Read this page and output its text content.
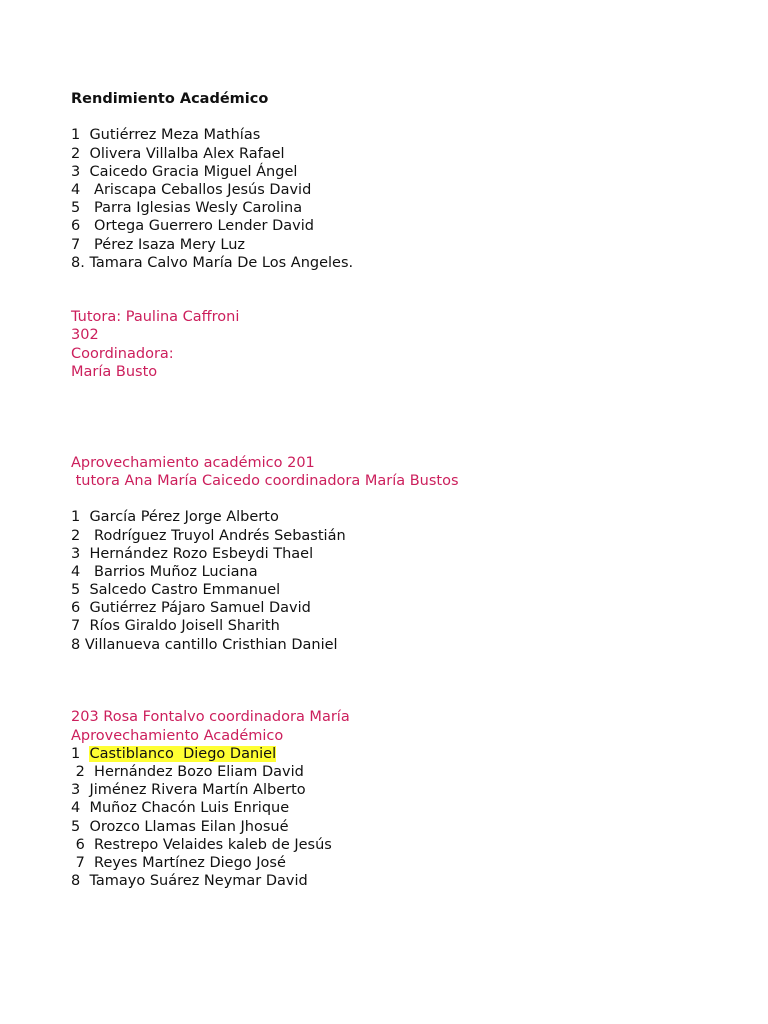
Rendimiento Académico
1  Gutiérrez Meza Mathías
2  Olivera Villalba Alex Rafael
3  Caicedo Gracia Miguel Ángel
4   Ariscapa Ceballos Jesús David
5   Parra Iglesias Wesly Carolina
6   Ortega Guerrero Lender David
7   Pérez Isaza Mery Luz
8. Tamara Calvo María De Los Angeles.
Tutora: Paulina Caffroni
302
Coordinadora:
María Busto
Aprovechamiento académico 201
tutora Ana María Caicedo coordinadora María Bustos
1  García Pérez Jorge Alberto
2   Rodríguez Truyol Andrés Sebastián
3  Hernández Rozo Esbeydi Thael
4   Barrios Muñoz Luciana
5  Salcedo Castro Emmanuel
6  Gutiérrez Pájaro Samuel David
7  Ríos Giraldo Joisell Sharith
8 Villanueva cantillo Cristhian Daniel
203 Rosa Fontalvo coordinadora María
Aprovechamiento Académico
1  Castiblanco  Diego Daniel
2  Hernández Bozo Eliam David
3  Jiménez Rivera Martín Alberto
4  Muñoz Chacón Luis Enrique
5  Orozco Llamas Eilan Jhosué
6  Restrepo Velaides kaleb de Jesús
7  Reyes Martínez Diego José
8  Tamayo Suárez Neymar David
